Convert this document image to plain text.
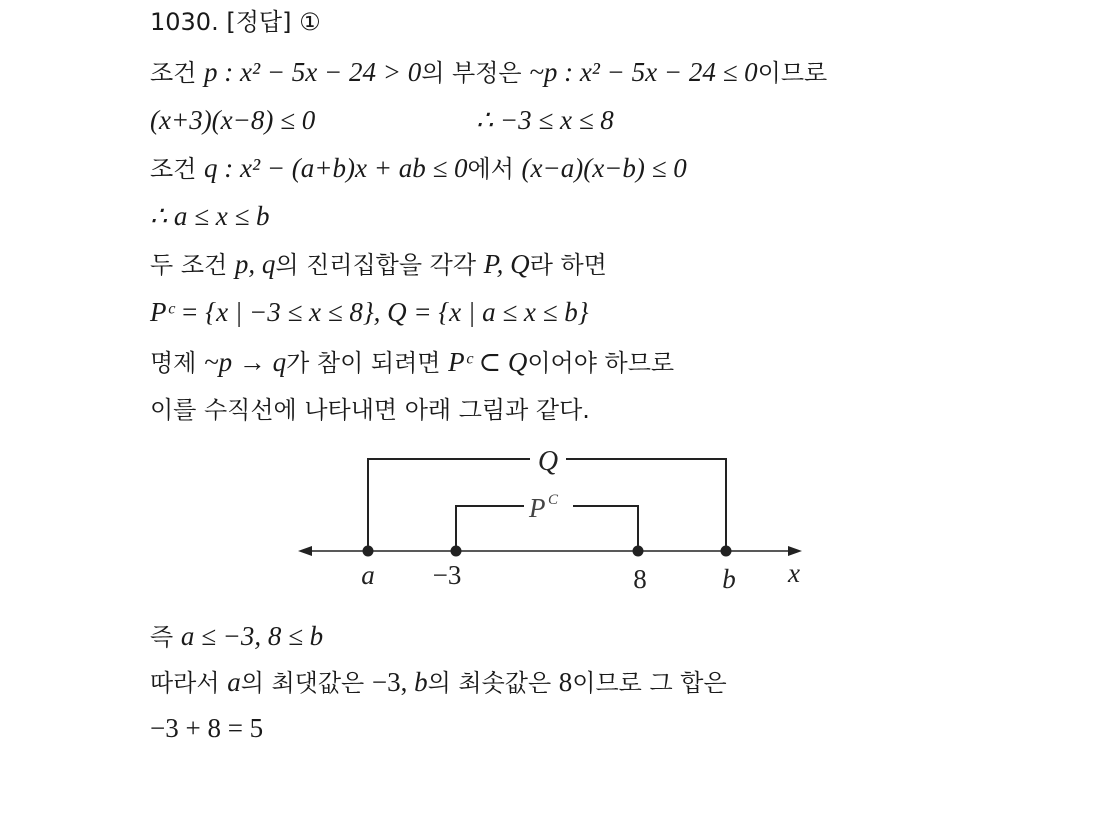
1030. [정답] ①
조건 p : x² − 5x − 24 > 0의 부정은 ~p : x² − 5x − 24 ≤ 0이므로
(x+3)(x−8) ≤ 0	∴ −3 ≤ x ≤ 8
조건 q : x² − (a+b)x + ab ≤ 0에서 (x−a)(x−b) ≤ 0
∴ a ≤ x ≤ b
두 조건 p, q의 진리집합을 각각 P, Q라 하면
Pᶜ = {x | −3 ≤ x ≤ 8}, Q = {x | a ≤ x ≤ b}
명제 ~p → q가 참이 되려면 Pᶜ ⊂ Q이어야 하므로
이를 수직선에 나타내면 아래 그림과 같다.
Q
P C
a −3	8	b x
즉 a ≤ −3, 8 ≤ b
따라서 a의 최댓값은 −3, b의 최솟값은 8이므로 그 합은
−3 + 8 = 5
